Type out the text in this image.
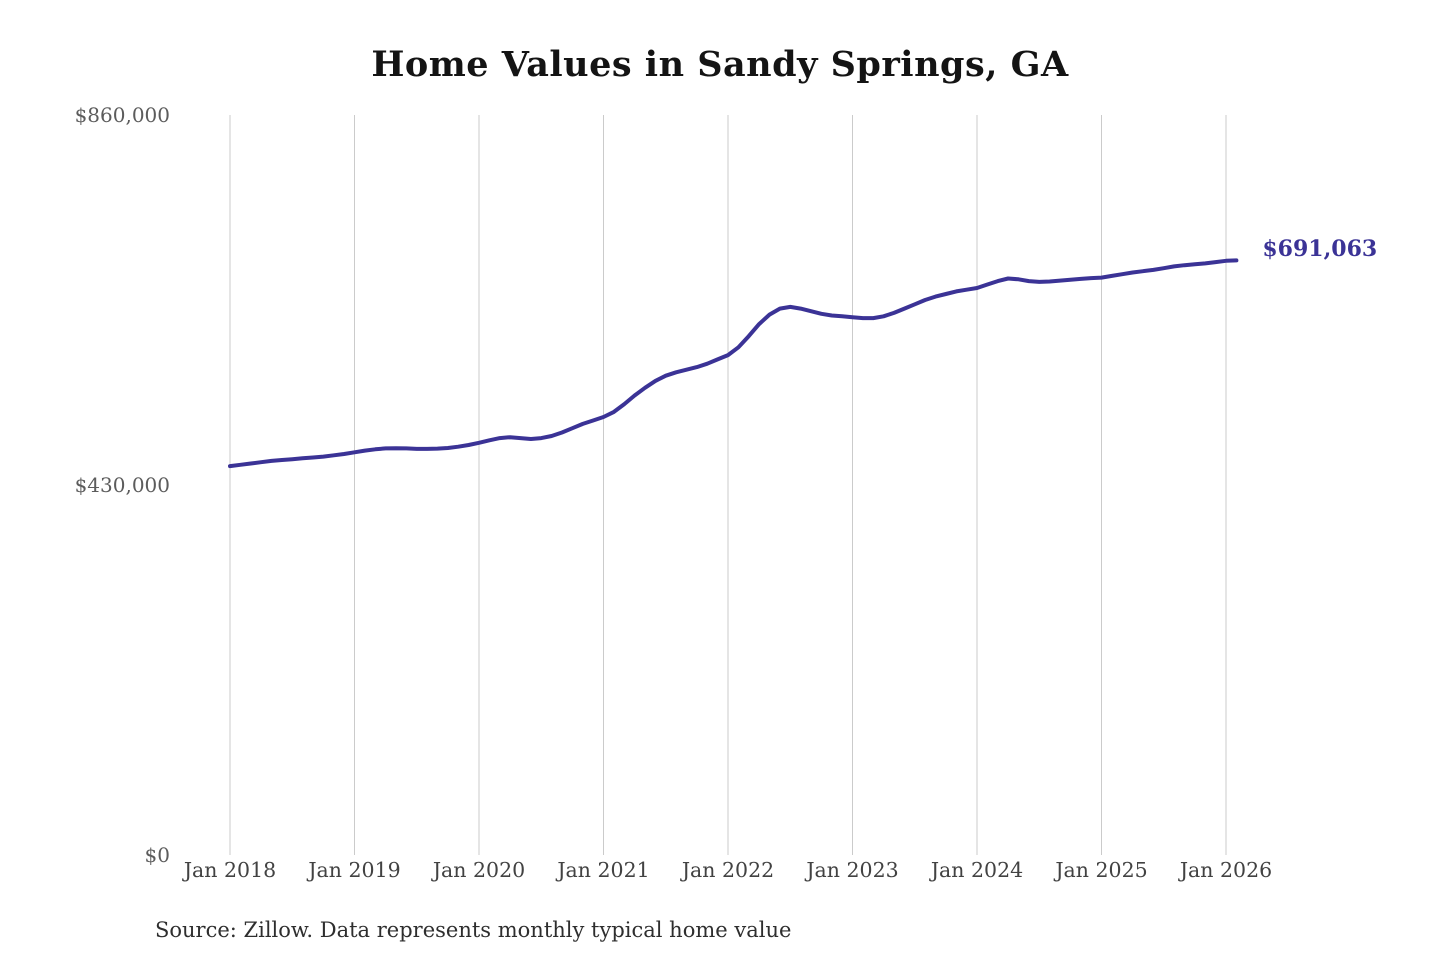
Home Values in Sandy Springs, GA
$0
$430,000
$860,000
Jan 2018 Jan 2019 Jan 2020 Jan 2021 Jan 2022 Jan 2023 Jan 2024 Jan 2025 Jan 2026
$691,063
Source: Zillow. Data represents monthly typical home value
